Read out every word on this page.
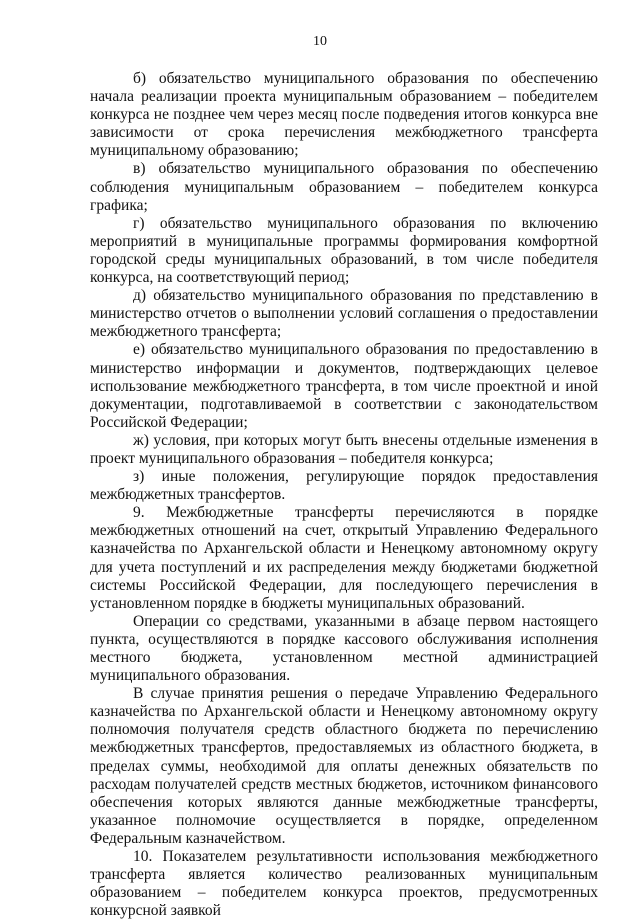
10

б) обязательство муниципального образования по обеспечению начала реализации проекта муниципальным образованием – победителем конкурса не позднее чем через месяц после подведения итогов конкурса вне зависимости от срока перечисления межбюджетного трансферта муниципальному образованию;

в) обязательство муниципального образования по обеспечению соблюдения муниципальным образованием – победителем конкурса графика;

г) обязательство муниципального образования по включению мероприятий в муниципальные программы формирования комфортной городской среды муниципальных образований, в том числе победителя конкурса, на соответствующий период;

д) обязательство муниципального образования по представлению в министерство отчетов о выполнении условий соглашения о предоставлении межбюджетного трансферта;

е) обязательство муниципального образования по предоставлению в министерство информации и документов, подтверждающих целевое использование межбюджетного трансферта, в том числе проектной и иной документации, подготавливаемой в соответствии с законодательством Российской Федерации;

ж) условия, при которых могут быть внесены отдельные изменения в проект муниципального образования – победителя конкурса;

з) иные положения, регулирующие порядок предоставления межбюджетных трансфертов.

9. Межбюджетные трансферты перечисляются в порядке межбюджетных отношений на счет, открытый Управлению Федерального казначейства по Архангельской области и Ненецкому автономному округу для учета поступлений и их распределения между бюджетами бюджетной системы Российской Федерации, для последующего перечисления в установленном порядке в бюджеты муниципальных образований.

Операции со средствами, указанными в абзаце первом настоящего пункта, осуществляются в порядке кассового обслуживания исполнения местного бюджета, установленном местной администрацией муниципального образования.

В случае принятия решения о передаче Управлению Федерального казначейства по Архангельской области и Ненецкому автономному округу полномочия получателя средств областного бюджета по перечислению межбюджетных трансфертов, предоставляемых из областного бюджета, в пределах суммы, необходимой для оплаты денежных обязательств по расходам получателей средств местных бюджетов, источником финансового обеспечения которых являются данные межбюджетные трансферты, указанное полномочие осуществляется в порядке, определенном Федеральным казначейством.

10. Показателем результативности использования межбюджетного трансферта является количество реализованных муниципальным образованием – победителем конкурса проектов, предусмотренных конкурсной заявкой
